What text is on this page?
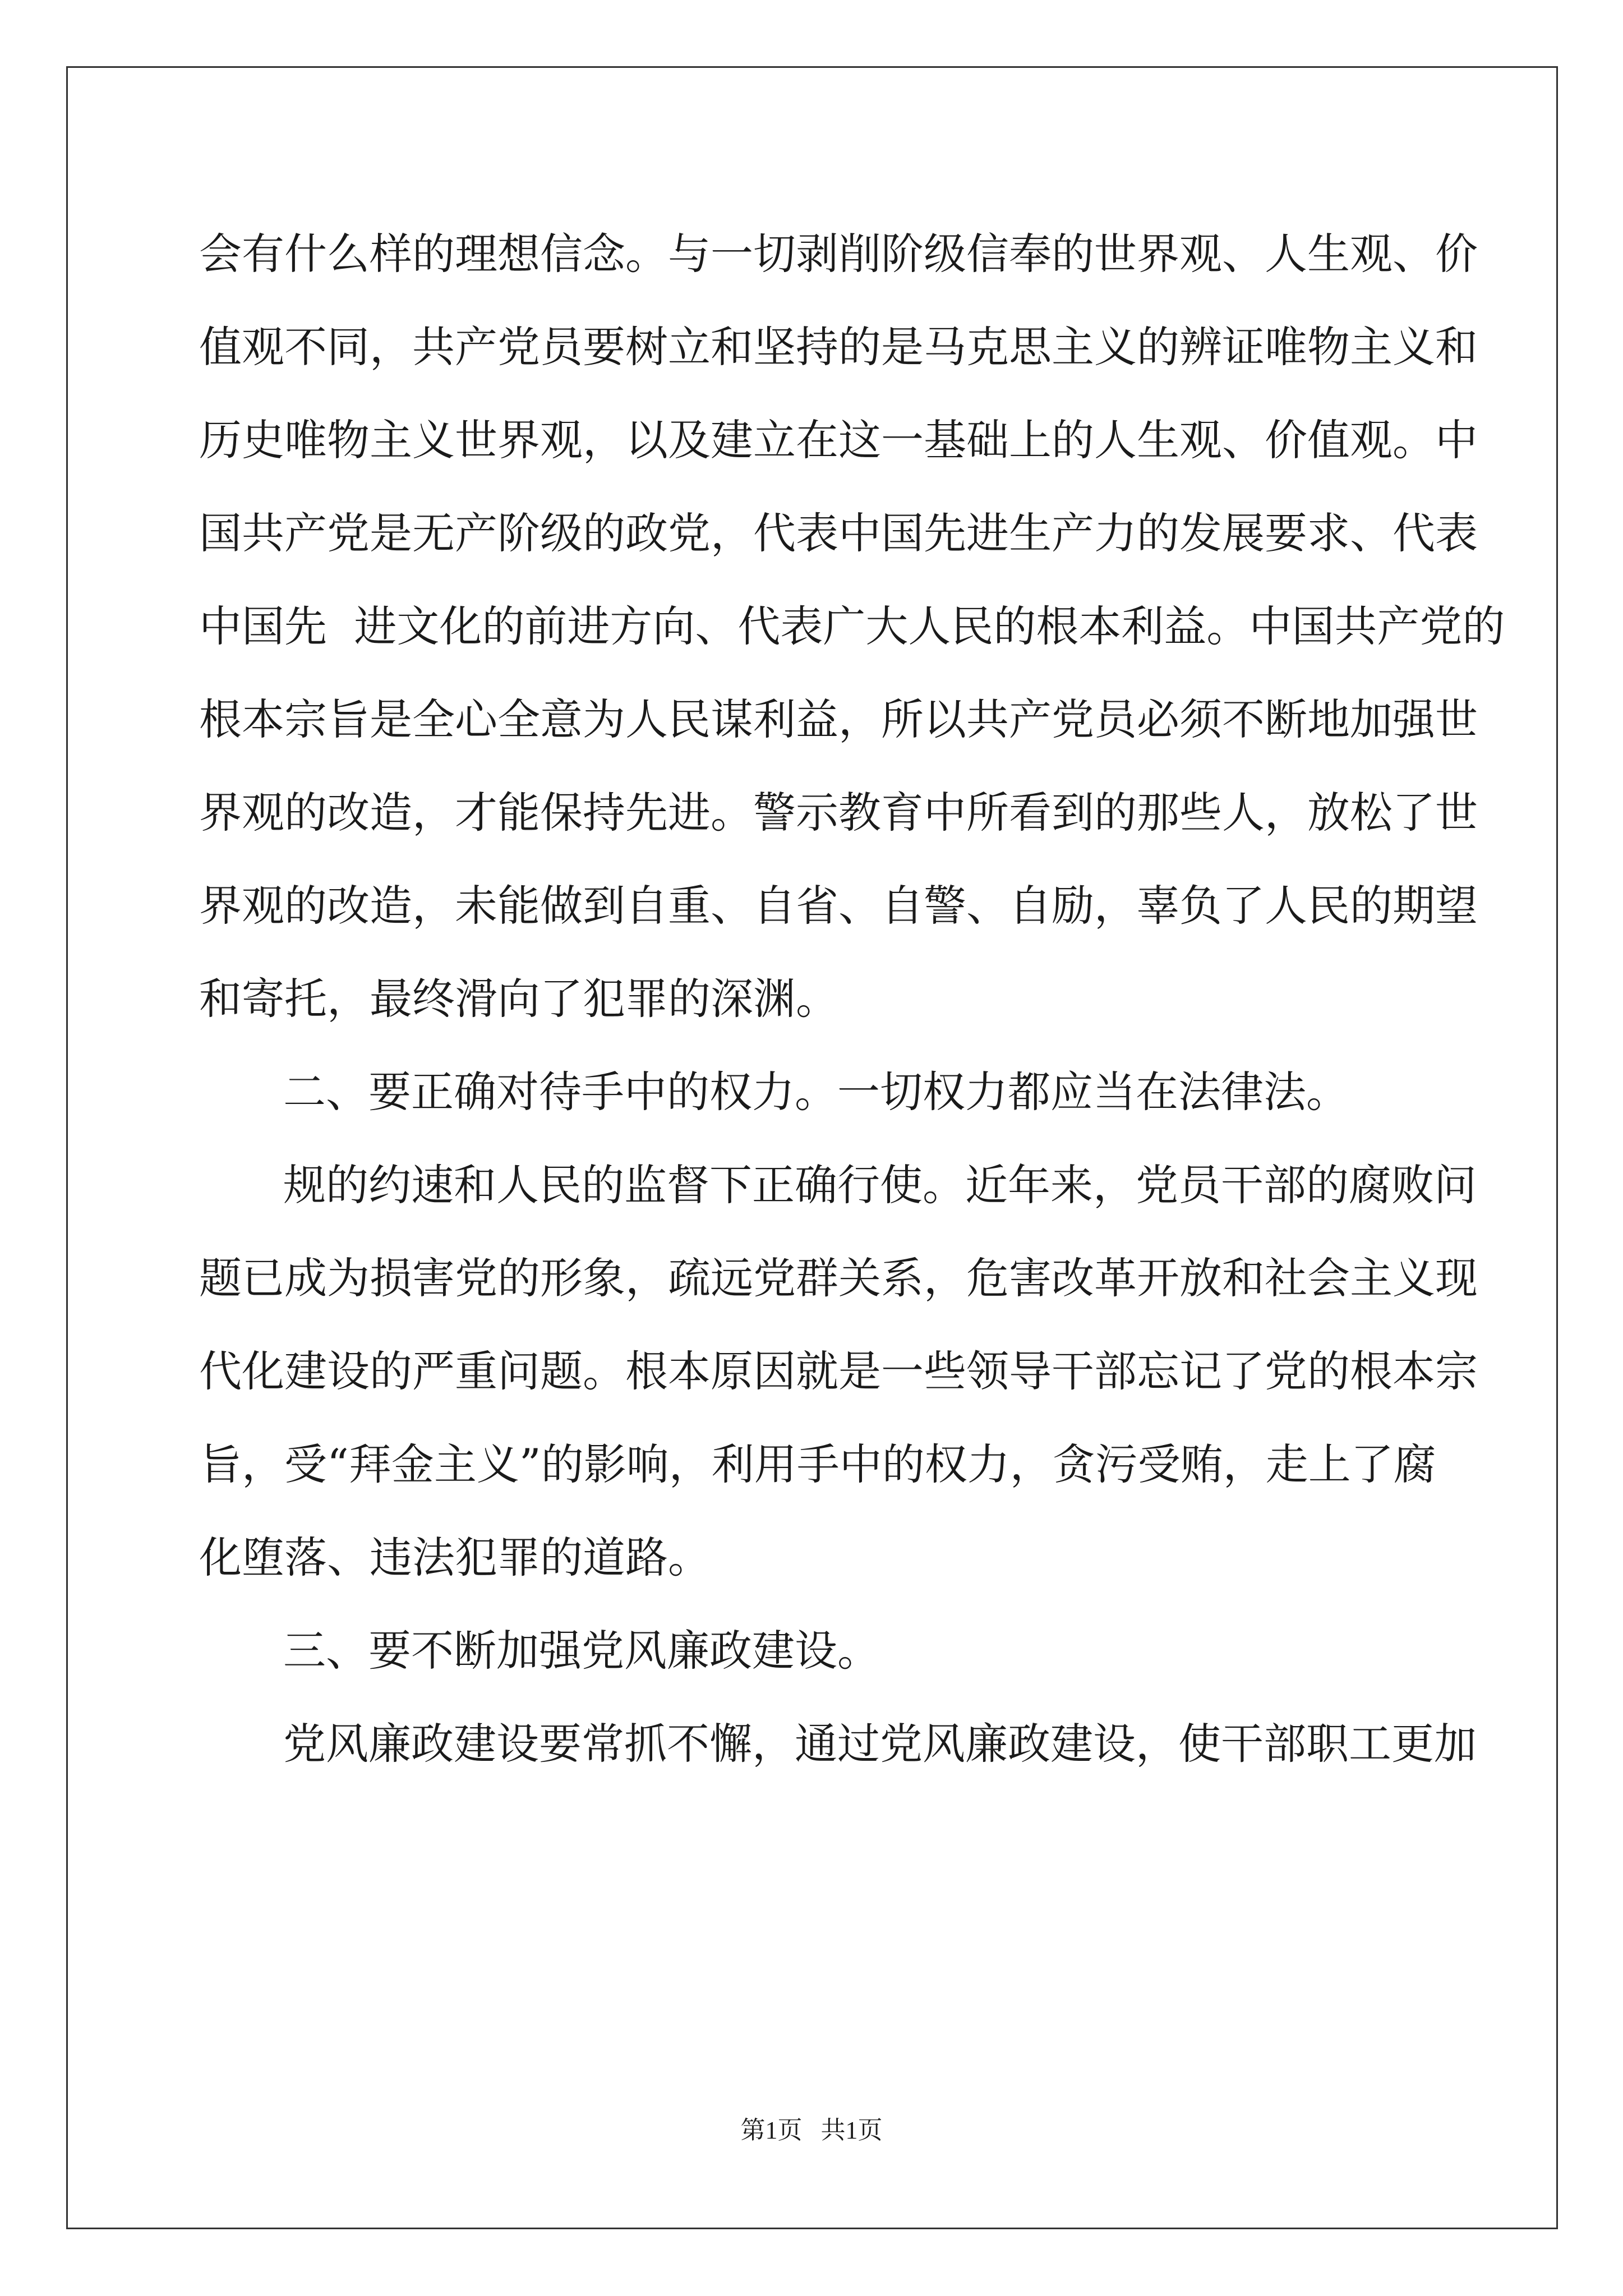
会有什么样的理想信念。与一切剥削阶级信奉的世界观、人生观、价
值观不同，共产党员要树立和坚持的是马克思主义的辨证唯物主义和
历史唯物主义世界观，以及建立在这一基础上的人生观、价值观。中
国共产党是无产阶级的政党，代表中国先进生产力的发展要求、代表
中国先  进文化的前进方向、代表广大人民的根本利益。中国共产党的
根本宗旨是全心全意为人民谋利益，所以共产党员必须不断地加强世
界观的改造，才能保持先进。警示教育中所看到的那些人，放松了世
界观的改造，未能做到自重、自省、自警、自励，辜负了人民的期望
和寄托，最终滑向了犯罪的深渊。
二、要正确对待手中的权力。一切权力都应当在法律法。
规的约速和人民的监督下正确行使。近年来，党员干部的腐败问
题已成为损害党的形象，疏远党群关系，危害改革开放和社会主义现
代化建设的严重问题。根本原因就是一些领导干部忘记了党的根本宗
旨，受“拜金主义”的影响，利用手中的权力，贪污受贿，走上了腐
化堕落、违法犯罪的道路。
三、要不断加强党风廉政建设。
党风廉政建设要常抓不懈，通过党风廉政建设，使干部职工更加
第1页   共1页
